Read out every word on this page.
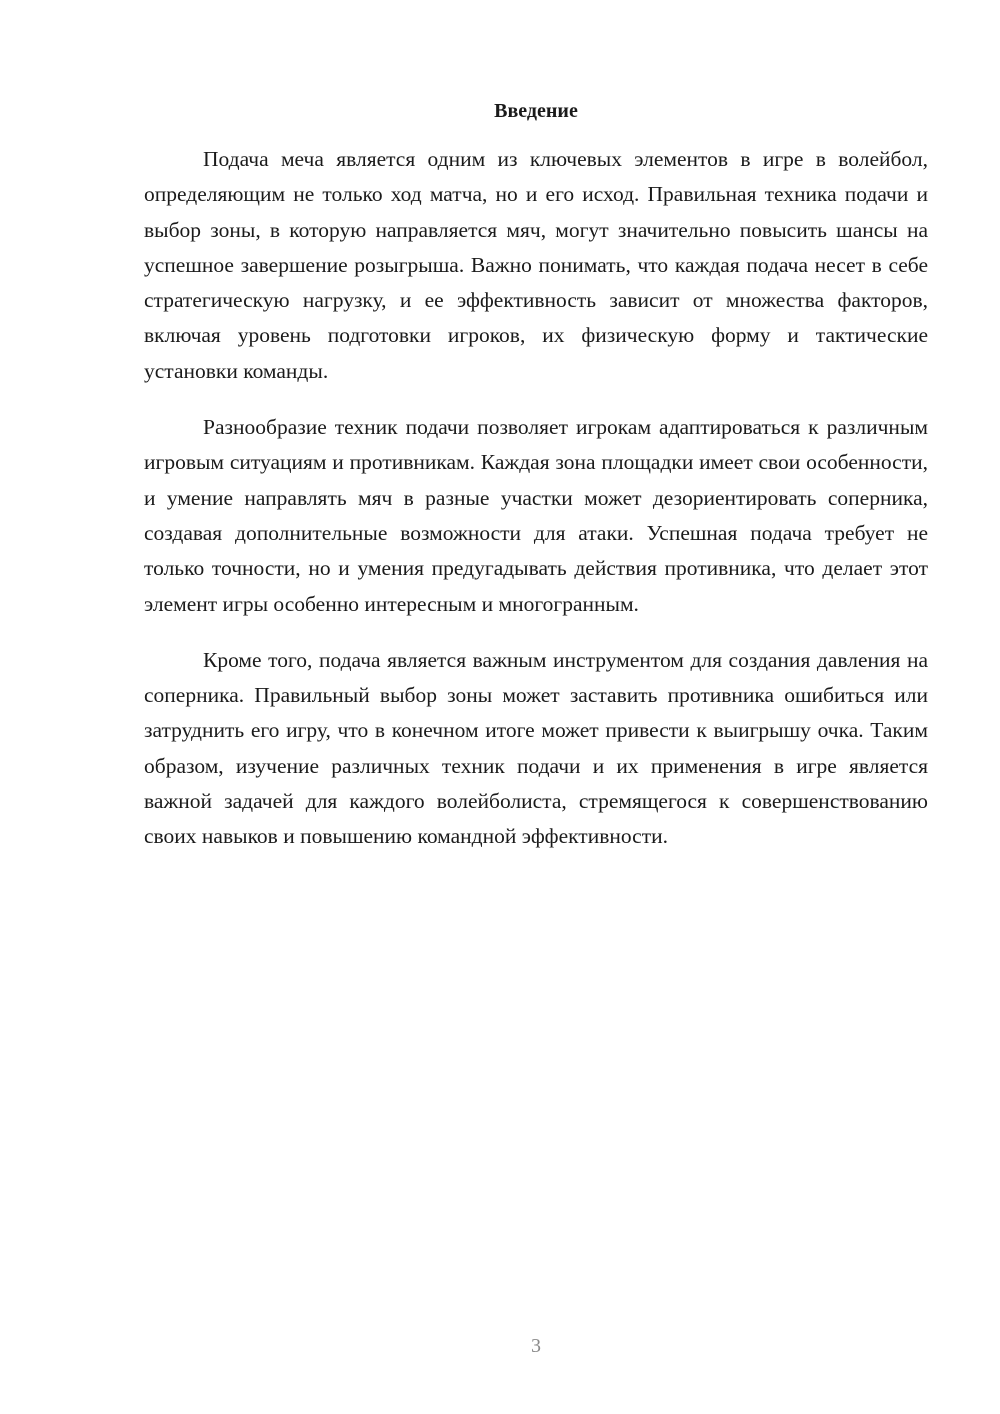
Введение

Подача меча является одним из ключевых элементов в игре в волейбол, определяющим не только ход матча, но и его исход. Правильная техника подачи и выбор зоны, в которую направляется мяч, могут значительно повысить шансы на успешное завершение розыгрыша. Важно понимать, что каждая подача несет в себе стратегическую нагрузку, и ее эффективность зависит от множества факторов, включая уровень подготовки игроков, их физическую форму и тактические установки команды.

Разнообразие техник подачи позволяет игрокам адаптироваться к различным игровым ситуациям и противникам. Каждая зона площадки имеет свои особенности, и умение направлять мяч в разные участки может дезориентировать соперника, создавая дополнительные возможности для атаки. Успешная подача требует не только точности, но и умения предугадывать действия противника, что делает этот элемент игры особенно интересным и многогранным.

Кроме того, подача является важным инструментом для создания давления на соперника. Правильный выбор зоны может заставить противника ошибиться или затруднить его игру, что в конечном итоге может привести к выигрышу очка. Таким образом, изучение различных техник подачи и их применения в игре является важной задачей для каждого волейболиста, стремящегося к совершенствованию своих навыков и повышению командной эффективности.

3
